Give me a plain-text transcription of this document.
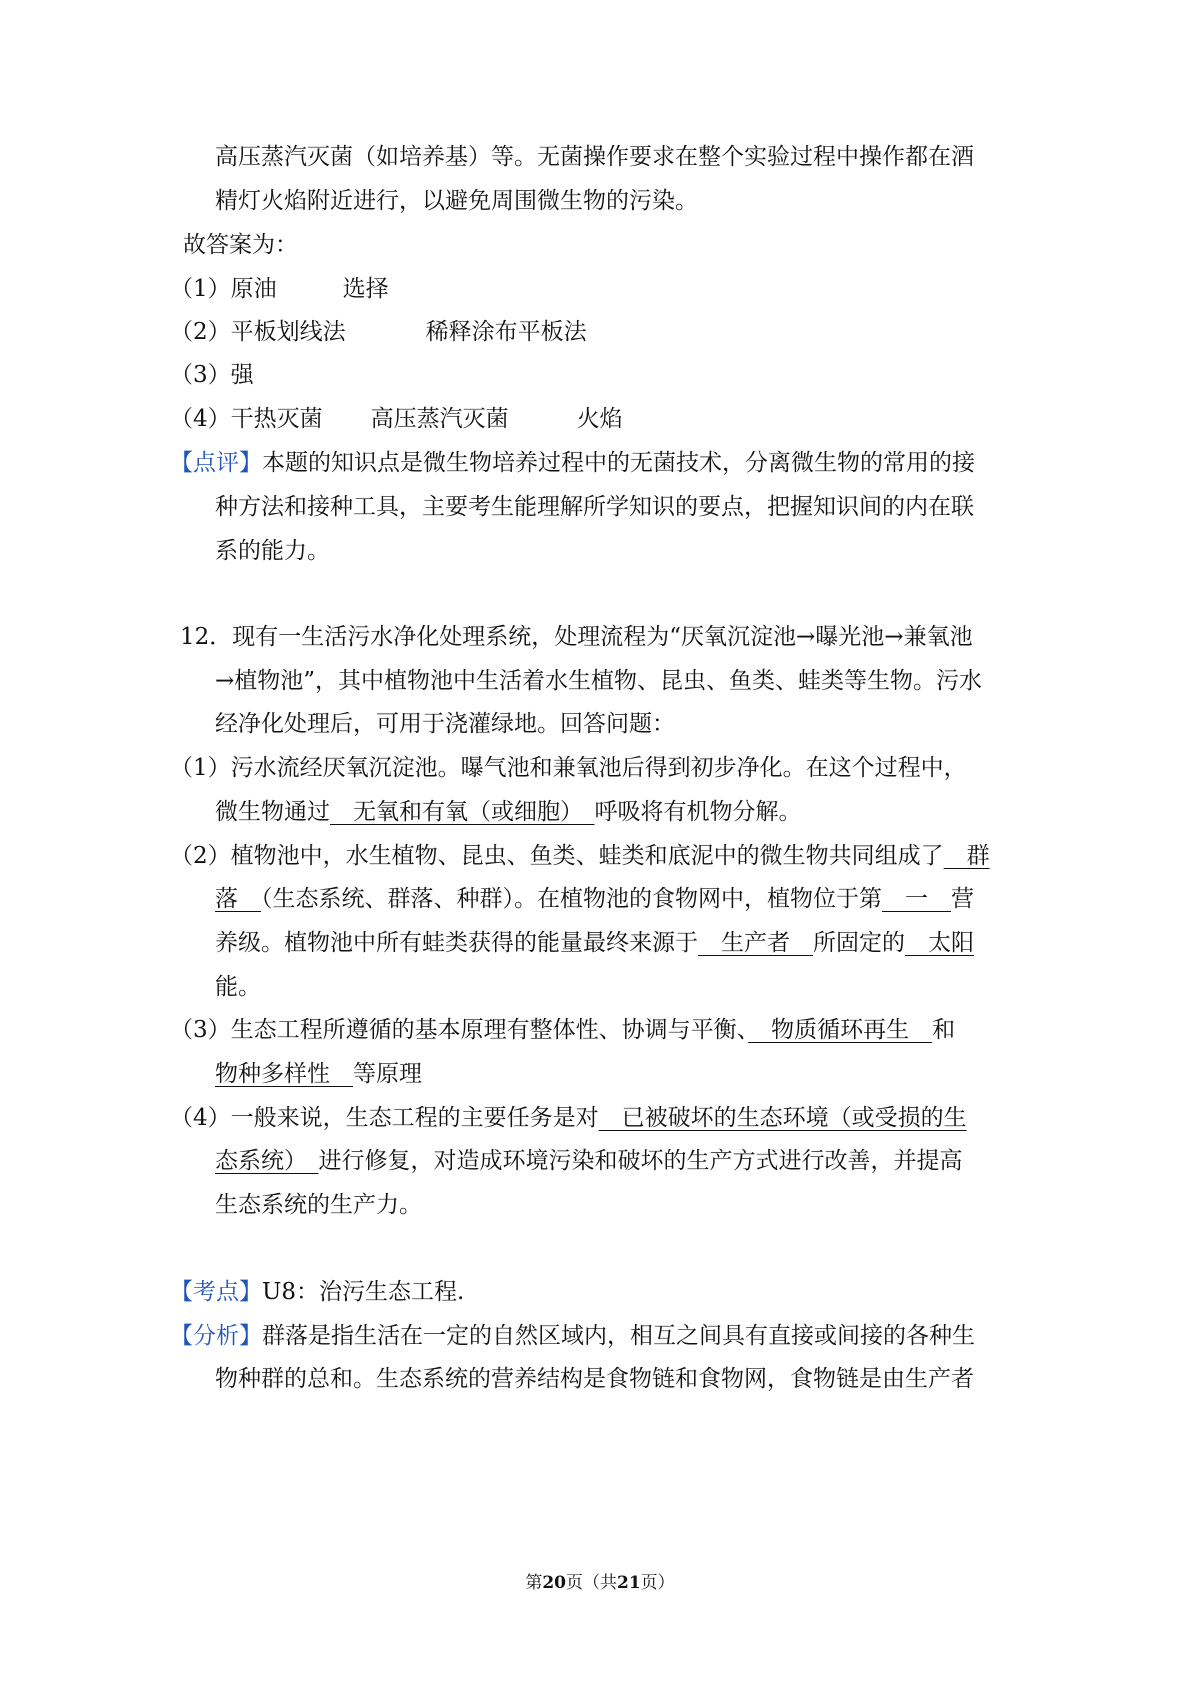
高压蒸汽灭菌（如培养基）等。无菌操作要求在整个实验过程中操作都在酒
精灯火焰附近进行，以避免周围微生物的污染。
故答案为：
（1）原油	选择
（2）平板划线法	稀释涂布平板法
（3）强
（4）干热灭菌 高压蒸汽灭菌	火焰
【点评】本题的知识点是微生物培养过程中的无菌技术，分离微生物的常用的接
种方法和接种工具，主要考生能理解所学知识的要点，把握知识间的内在联
系的能力。
12．现有一生活污水净化处理系统，处理流程为“厌氧沉淀池→曝光池→兼氧池
→植物池”，其中植物池中生活着水生植物、昆虫、鱼类、蛙类等生物。污水
经净化处理后，可用于浇灌绿地。回答问题：
（1）污水流经厌氧沉淀池。曝气池和兼氧池后得到初步净化。在这个过程中，
微生物通过　无氧和有氧（或细胞）　呼吸将有机物分解。
（2）植物池中，水生植物、昆虫、鱼类、蛙类和底泥中的微生物共同组成了　群
落　（生态系统、群落、种群）。在植物池的食物网中，植物位于第　一　营
养级。植物池中所有蛙类获得的能量最终来源于　生产者　所固定的　太阳
能。
（3）生态工程所遵循的基本原理有整体性、协调与平衡、　物质循环再生　和
物种多样性　等原理
（4）一般来说，生态工程的主要任务是对　已被破坏的生态环境（或受损的生
态系统）　进行修复，对造成环境污染和破坏的生产方式进行改善，并提高
生态系统的生产力。
【考点】U8：治污生态工程.
【分析】群落是指生活在一定的自然区域内，相互之间具有直接或间接的各种生
物种群的总和。生态系统的营养结构是食物链和食物网，食物链是由生产者
第20页（共21页）
